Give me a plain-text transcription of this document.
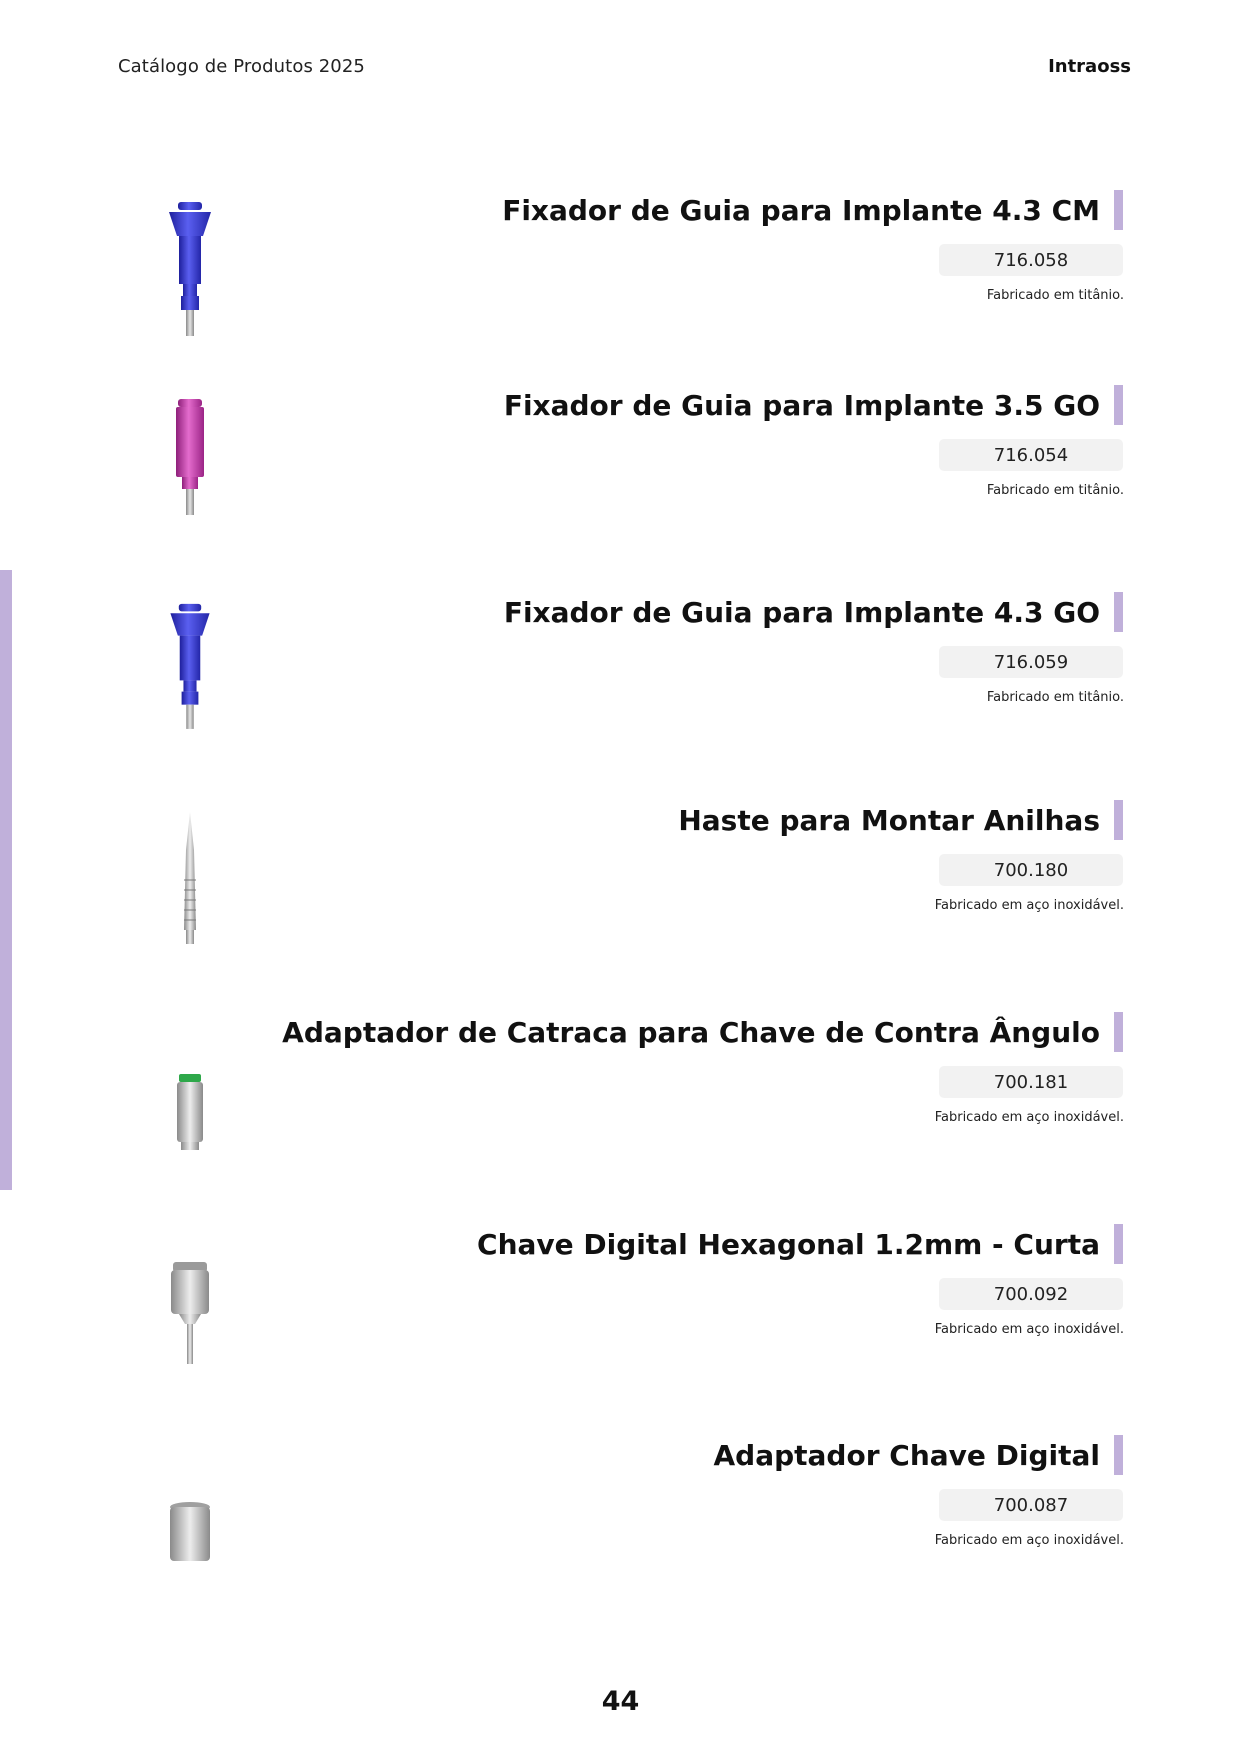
Catálogo de Produtos 2025	Intraoss
Fixador de Guia para Implante 4.3 CM
716.058
Fabricado em titânio.
Fixador de Guia para Implante 3.5 GO
716.054
Fabricado em titânio.
Fixador de Guia para Implante 4.3 GO
716.059
Fabricado em titânio.
Haste para Montar Anilhas
700.180
Fabricado em aço inoxidável.
Adaptador de Catraca para Chave de Contra Ângulo
700.181
Fabricado em aço inoxidável.
Chave Digital Hexagonal 1.2mm - Curta
700.092
Fabricado em aço inoxidável.
Adaptador Chave Digital
700.087
Fabricado em aço inoxidável.
44
